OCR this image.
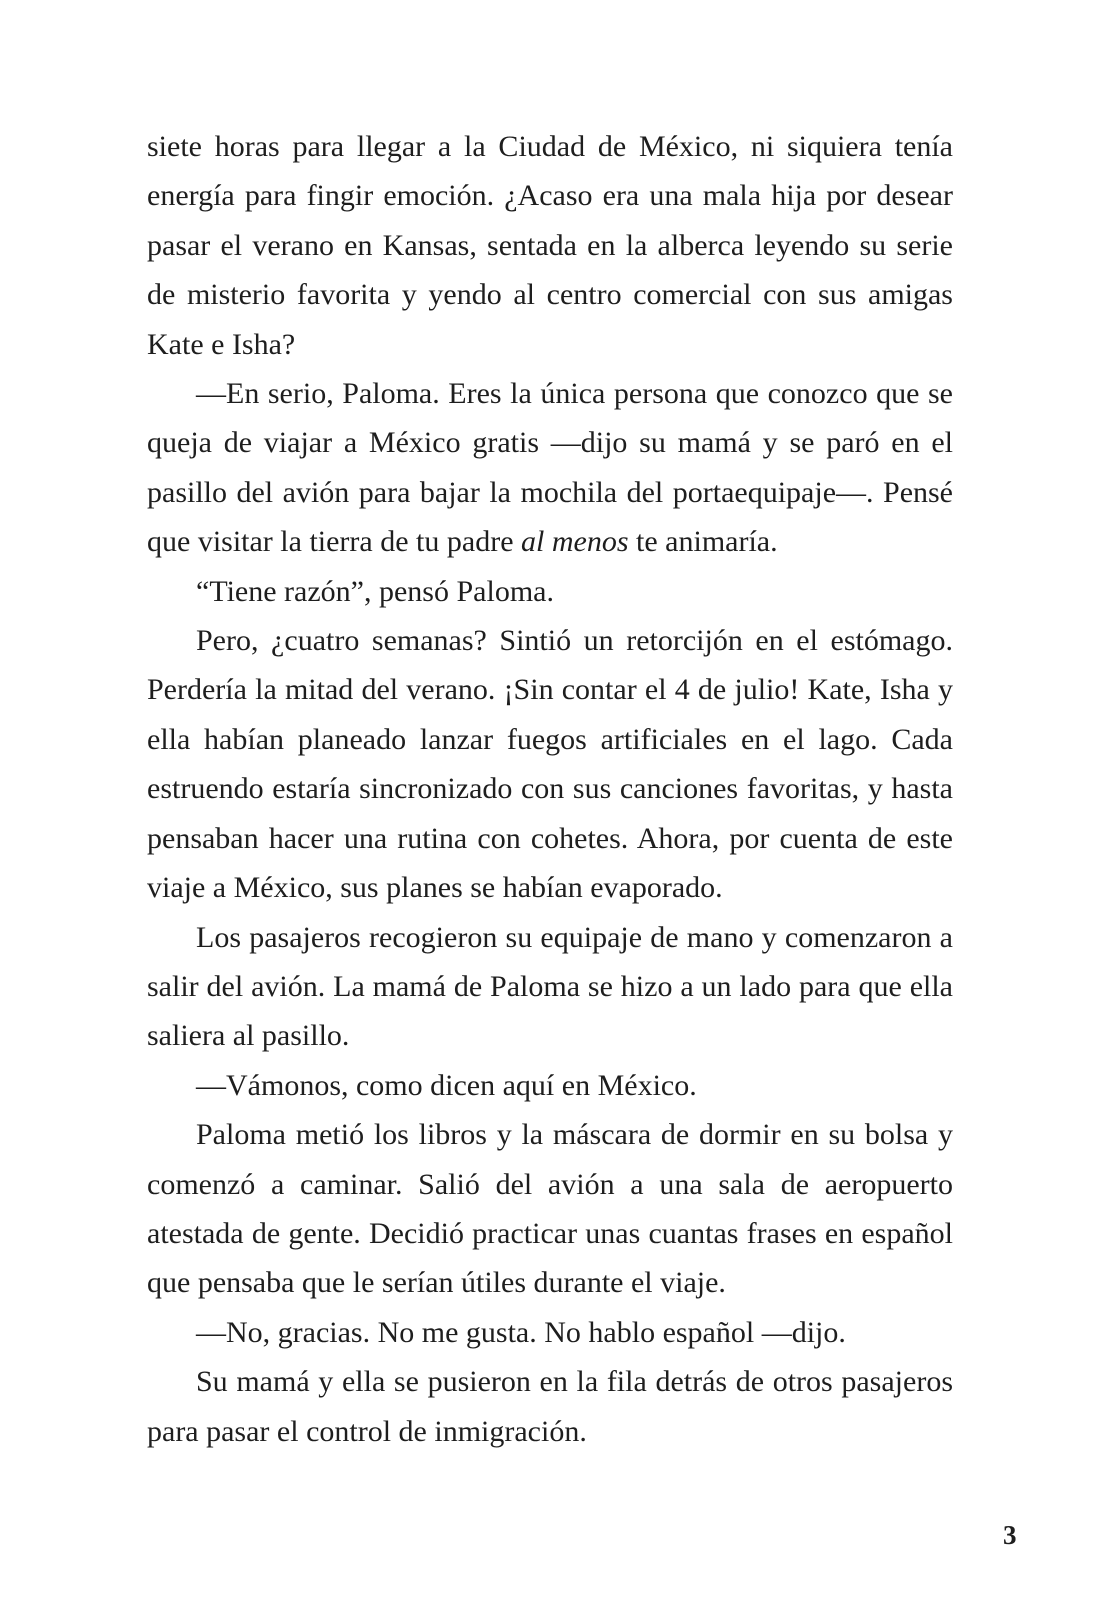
siete horas para llegar a la Ciudad de México, ni siquiera tenía energía para fingir emoción. ¿Acaso era una mala hija por desear pasar el verano en Kansas, sentada en la alberca leyendo su serie de misterio favorita y yendo al centro comercial con sus amigas Kate e Isha?

—En serio, Paloma. Eres la única persona que conozco que se queja de viajar a México gratis —dijo su mamá y se paró en el pasillo del avión para bajar la mochila del portaequipaje—. Pensé que visitar la tierra de tu padre al menos te animaría.

“Tiene razón”, pensó Paloma.

Pero, ¿cuatro semanas? Sintió un retorcijón en el estómago. Perdería la mitad del verano. ¡Sin contar el 4 de julio! Kate, Isha y ella habían planeado lanzar fuegos artificiales en el lago. Cada estruendo estaría sincronizado con sus canciones favoritas, y hasta pensaban hacer una rutina con cohetes. Ahora, por cuenta de este viaje a México, sus planes se habían evaporado.

Los pasajeros recogieron su equipaje de mano y comenzaron a salir del avión. La mamá de Paloma se hizo a un lado para que ella saliera al pasillo.

—Vámonos, como dicen aquí en México.

Paloma metió los libros y la máscara de dormir en su bolsa y comenzó a caminar. Salió del avión a una sala de aeropuerto atestada de gente. Decidió practicar unas cuantas frases en español que pensaba que le serían útiles durante el viaje.

—No, gracias. No me gusta. No hablo español —dijo.

Su mamá y ella se pusieron en la fila detrás de otros pasajeros para pasar el control de inmigración.

3
